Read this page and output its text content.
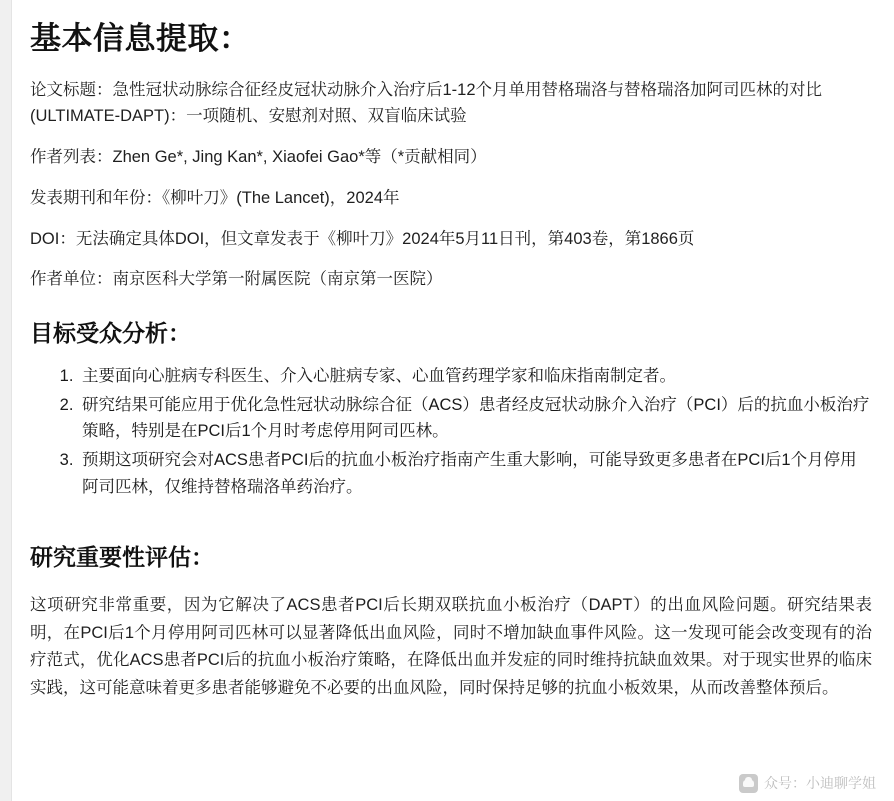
基本信息提取：

论文标题：急性冠状动脉综合征经皮冠状动脉介入治疗后1-12个月单用替格瑞洛与替格瑞洛加阿司匹林的对比(ULTIMATE-DAPT)：一项随机、安慰剂对照、双盲临床试验

作者列表：Zhen Ge*, Jing Kan*, Xiaofei Gao*等（*贡献相同）

发表期刊和年份：《柳叶刀》(The Lancet)，2024年

DOI：无法确定具体DOI，但文章发表于《柳叶刀》2024年5月11日刊，第403卷，第1866页

作者单位：南京医科大学第一附属医院（南京第一医院）

目标受众分析：
1. 主要面向心脏病专科医生、介入心脏病专家、心血管药理学家和临床指南制定者。
2. 研究结果可能应用于优化急性冠状动脉综合征（ACS）患者经皮冠状动脉介入治疗（PCI）后的抗血小板治疗策略，特别是在PCI后1个月时考虑停用阿司匹林。
3. 预期这项研究会对ACS患者PCI后的抗血小板治疗指南产生重大影响，可能导致更多患者在PCI后1个月停用阿司匹林，仅维持替格瑞洛单药治疗。
研究重要性评估：

这项研究非常重要，因为它解决了ACS患者PCI后长期双联抗血小板治疗（DAPT）的出血风险问题。研究结果表明，在PCI后1个月停用阿司匹林可以显著降低出血风险，同时不增加缺血事件风险。这一发现可能会改变现有的治疗范式，优化ACS患者PCI后的抗血小板治疗策略，在降低出血并发症的同时维持抗缺血效果。对于现实世界的临床实践，这可能意味着更多患者能够避免不必要的出血风险，同时保持足够的抗血小板效果，从而改善整体预后。

众号：小迪聊学姐
